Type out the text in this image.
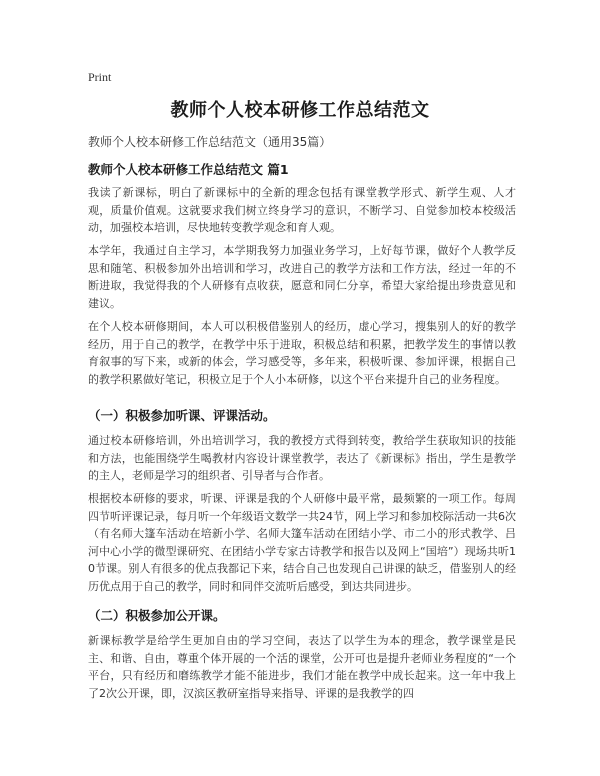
Print
教师个人校本研修工作总结范文
教师个人校本研修工作总结范文（通用35篇）
教师个人校本研修工作总结范文 篇1

我读了新课标，明白了新课标中的全新的理念包括有课堂教学形式、新学生观、人才观，质量价值观。这就要求我们树立终身学习的意识，不断学习、自觉参加校本校级活动，加强校本培训，尽快地转变教学观念和育人观。

本学年，我通过自主学习，本学期我努力加强业务学习，上好每节课，做好个人教学反思和随笔、积极参加外出培训和学习，改进自己的教学方法和工作方法，经过一年的不断进取，我觉得我的个人研修有点收获，愿意和同仁分享，希望大家给提出珍贵意见和建议。

在个人校本研修期间，本人可以积极借鉴别人的经历，虚心学习，搜集别人的好的教学经历，用于自己的教学，在教学中乐于进取，积极总结和积累，把教学发生的事情以教育叙事的写下来，或新的体会，学习感受等，多年来，积极听课、参加评课，根据自己的教学积累做好笔记，积极立足于个人小本研修，以这个平台来提升自己的业务程度。

（一）积极参加听课、评课活动。

通过校本研修培训，外出培训学习，我的教授方式得到转变，教给学生获取知识的技能和方法，也能围绕学生喝教材内容设计课堂教学，表达了《新课标》指出，学生是教学的主人，老师是学习的组织者、引导者与合作者。

根据校本研修的要求，听课、评课是我的个人研修中最平常，最频繁的一项工作。每周四节听评课记录，每月听一个年级语文数学一共24节，网上学习和参加校际活动一共6次（有名师大篷车活动在培新小学、名师大篷车活动在团结小学、市二小的形式教学、吕河中心小学的微型课研究、在团结小学专家古诗教学和报告以及网上“国培”）现场共听10节课。别人有很多的优点我都记下来，结合自己也发现自己讲课的缺乏，借鉴别人的经历优点用于自己的教学，同时和同伴交流听后感受，到达共同进步。

（二）积极参加公开课。

新课标教学是给学生更加自由的学习空间，表达了以学生为本的理念，教学课堂是民主、和谐、自由，尊重个体开展的一个活的课堂，公开可也是提升老师业务程度的“一个平台，只有经历和磨练教学才能不能进步，我们才能在教学中成长起来。这一年中我上了2次公开课，即，汉滨区教研室指导来指导、评课的是我教学的四
